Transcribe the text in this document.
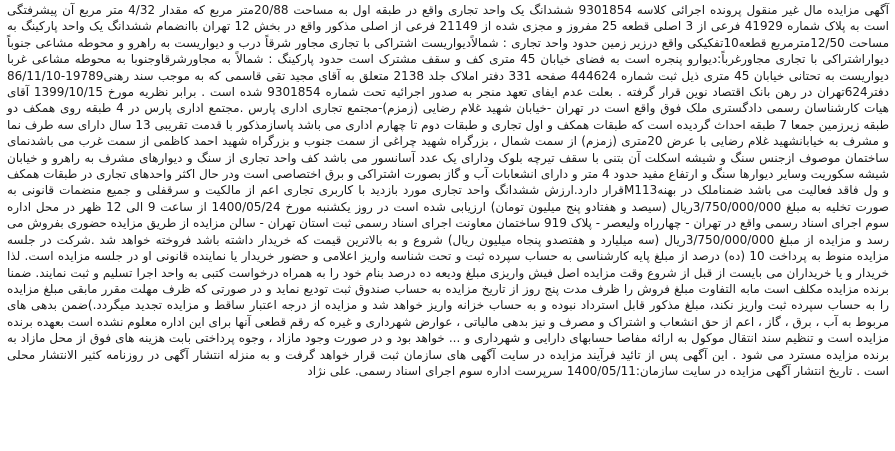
آگهی مزایده مال غیر منقول پرونده اجرائی کلاسه 9301854 ششدانگ یک واحد تجاری واقع در طبقه اول به مساحت 20/88متر مربع که مقدار 4/32 متر مربع آن پیشرفتگی است به پلاک شماره 41929 فرعی از 3 اصلی قطعه 25 مفروز و مجزی شده از 21149 فرعی از اصلی مذکور واقع در بخش 12 تهران باانضمام ششدانگ یک واحد پارکینگ به مساحت 12/50مترمربع قطعه10تفکیکی واقع درزیر زمین حدود واحد تجاری : شمالاًدیواریست اشتراکی با تجاری مجاور شرقاً درب و دیواریست به راهرو و محوطه مشاعی جنوباً دیواراشتراکی با تجاری مجاورغرباً:دیوارو پنجره است به فضای خیابان 45 متری کف و سقف مشترک است حدود پارکینگ : شمالاً به مجاورشرقاوجنوبا به محوطه مشاعی غربا دیواریست به تحتانی خیابان 45 متری ذیل ثبت شماره 444624 صفحه 331 دفتر املاک جلد 2138 متعلق به آقای مجید تقی قاسمی که به موجب سند رهنی19789-86/11/10 دفتر624تهران در رهن بانک اقتصاد نوین قرار گرفته . بعلت عدم ایفای تعهد منجر به صدور اجرائیه تحت شماره 9301854 شده است . برابر نظریه مورخ 1399/10/15 آقای هیات کارشناسان رسمی دادگستری ملک فوق واقع است در تهران -خیابان شهید غلام رضایی (زمزم)-مجتمع تجاری اداری پارس .مجتمع اداری پارس در 4 طبقه روی همکف دو طبقه زیرزمین جمعا 7 طبقه احداث گردیده است که طبقات همکف و اول تجاری و طبقات دوم تا چهارم اداری می باشد پاسازمذکور با قدمت تقریبی 13 سال دارای سه طرف نما و مشرف به خیابانشهید غلام رضایی با عرض 20متری (زمزم) از سمت شمال ، بزرگراه شهید چراغی از سمت جنوب و بزرگراه شهید احمد کاظمی از سمت غرب می باشدنمای ساختمان موصوف ازجنس سنگ و شیشه اسکلت آن بتنی با سقف تیرچه بلوک ودارای یک عدد آسانسور می باشد کف واحد تجاری از سنگ و دیوارهای مشرف به راهرو و خیابان شیشه سکوریت وسایر دیوارها سنگ و ارتفاع مفید حدود 4 متر و دارای انشعابات آب و گاز بصورت اشتراکی و برق اختصاصی است ودر حال اکثر واحدهای تجاری در طبقات همکف و ول فاقد فعالیت می باشد ضمناملک در بهنهM113قرار دارد.ارزش ششدانگ واحد تجاری مورد بازدید با کاربری تجاری اعم از مالکیت و سرقفلی و جمیع منضمات قانونی به صورت تخلیه به مبلغ 3/750/000/000ریال (سیصد و هفتادو پنج میلیون تومان) ارزیابی شده است در روز یکشنبه مورخ 1400/05/24 از ساعت 9 الی 12 ظهر در محل اداره سوم اجرای اسناد رسمی واقع در تهران - چهارراه ولیعصر - پلاک 919 ساختمان معاونت اجرای اسناد رسمی ثبت استان تهران - سالن مزایده از طریق مزایده حضوری بفروش می رسد و مزایده از مبلغ 3/750/000/000ریال (سه میلیارد و هفتصدو پنجاه میلیون ریال) شروع و به بالاترین قیمت که خریدار داشته باشد فروخته خواهد شد .شرکت در جلسه مزایده منوط به پرداخت 10 (ده) درصد از مبلغ پایه کارشناسی به حساب سپرده ثبت و تحت شناسه واریز اعلامی و حضور خریدار یا نماینده قانونی او در جلسه مزایده است. لذا خریدار و یا خریداران می بایست از قبل از شروع وقت مزایده اصل فیش واریزی مبلغ ودیعه ده درصد بنام خود را به همراه درخواست کتبی به واحد اجرا تسلیم و ثبت نمایند. ضمنا برنده مزایده مکلف است مابه التفاوت مبلغ فروش را ظرف مدت پنج روز از تاریخ مزایده به حساب صندوق ثبت تودیع نماید و در صورتی که ظرف مهلت مقرر مابقی مبلغ مزایده را به حساب سپرده ثبت واریز نکند، مبلغ مذکور قابل استرداد نبوده و به حساب خزانه واریز خواهد شد و مزایده از درجه اعتبار ساقط و مزایده تجدید میگردد.)ضمن بدهی های مربوط به آب ، برق ، گاز ، اعم از حق انشعاب و اشتراک و مصرف و نیز بدهی مالیاتی ، عوارض شهرداری و غیره که رقم قطعی آنها برای این اداره معلوم نشده است بعهده برنده مزایده است و تنظیم سند انتقال موکول به ارائه مفاصا حسابهای دارایی و شهرداری و ... خواهد بود و در صورت وجود مازاد ، وجوه پرداختی بابت هزینه های فوق از محل مازاد به برنده مزایده مسترد می شود . این آگهی پس از تائید فرآیند مزایده در سایت آگهی های سازمان ثبت قرار خواهد گرفت و به منزله انتشار آگهی در روزنامه کثیر الانتشار محلی است . تاریخ انتشار آگهی مزایده در سایت سازمان:1400/05/11 سرپرست اداره سوم اجرای اسناد رسمی. علی نژاد
